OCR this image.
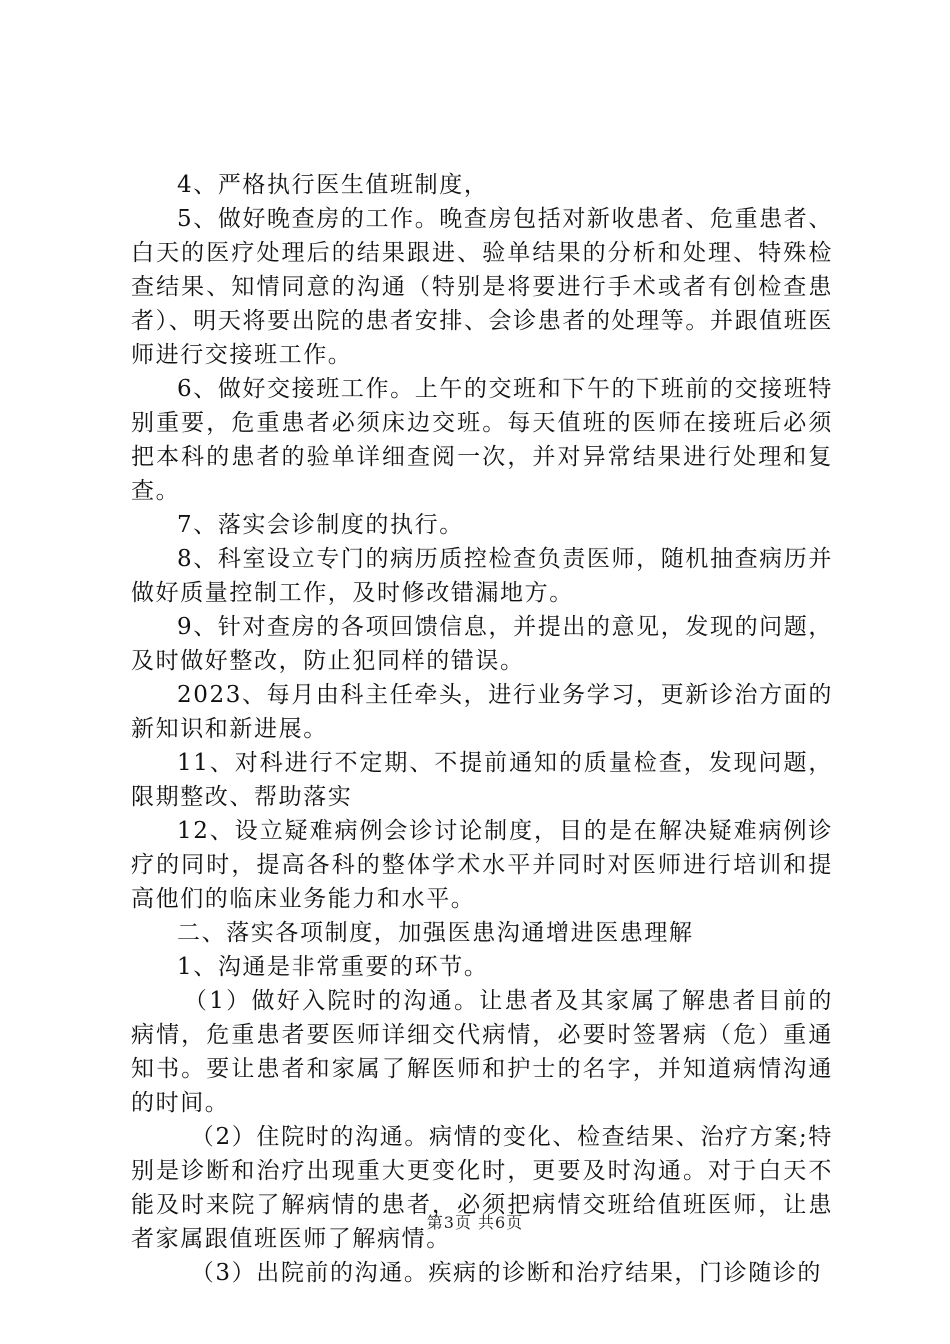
4、严格执行医生值班制度，

5、做好晚查房的工作。晚查房包括对新收患者、危重患者、白天的医疗处理后的结果跟进、验单结果的分析和处理、特殊检查结果、知情同意的沟通（特别是将要进行手术或者有创检查患者）、明天将要出院的患者安排、会诊患者的处理等。并跟值班医师进行交接班工作。

6、做好交接班工作。上午的交班和下午的下班前的交接班特别重要，危重患者必须床边交班。每天值班的医师在接班后必须把本科的患者的验单详细查阅一次，并对异常结果进行处理和复查。

7、落实会诊制度的执行。

8、科室设立专门的病历质控检查负责医师，随机抽查病历并做好质量控制工作，及时修改错漏地方。

9、针对查房的各项回馈信息，并提出的意见，发现的问题，及时做好整改，防止犯同样的错误。

2023、每月由科主任牵头，进行业务学习，更新诊治方面的新知识和新进展。

11、对科进行不定期、不提前通知的质量检查，发现问题，限期整改、帮助落实

12、设立疑难病例会诊讨论制度，目的是在解决疑难病例诊疗的同时，提高各科的整体学术水平并同时对医师进行培训和提高他们的临床业务能力和水平。

二、落实各项制度，加强医患沟通增进医患理解

1、沟通是非常重要的环节。

（1）做好入院时的沟通。让患者及其家属了解患者目前的病情，危重患者要医师详细交代病情，必要时签署病（危）重通知书。要让患者和家属了解医师和护士的名字，并知道病情沟通的时间。

（2）住院时的沟通。病情的变化、检查结果、治疗方案;特别是诊断和治疗出现重大更变化时，更要及时沟通。对于白天不能及时来院了解病情的患者，必须把病情交班给值班医师，让患者家属跟值班医师了解病情。

（3）出院前的沟通。疾病的诊断和治疗结果，门诊随诊的

第3页 共6页
